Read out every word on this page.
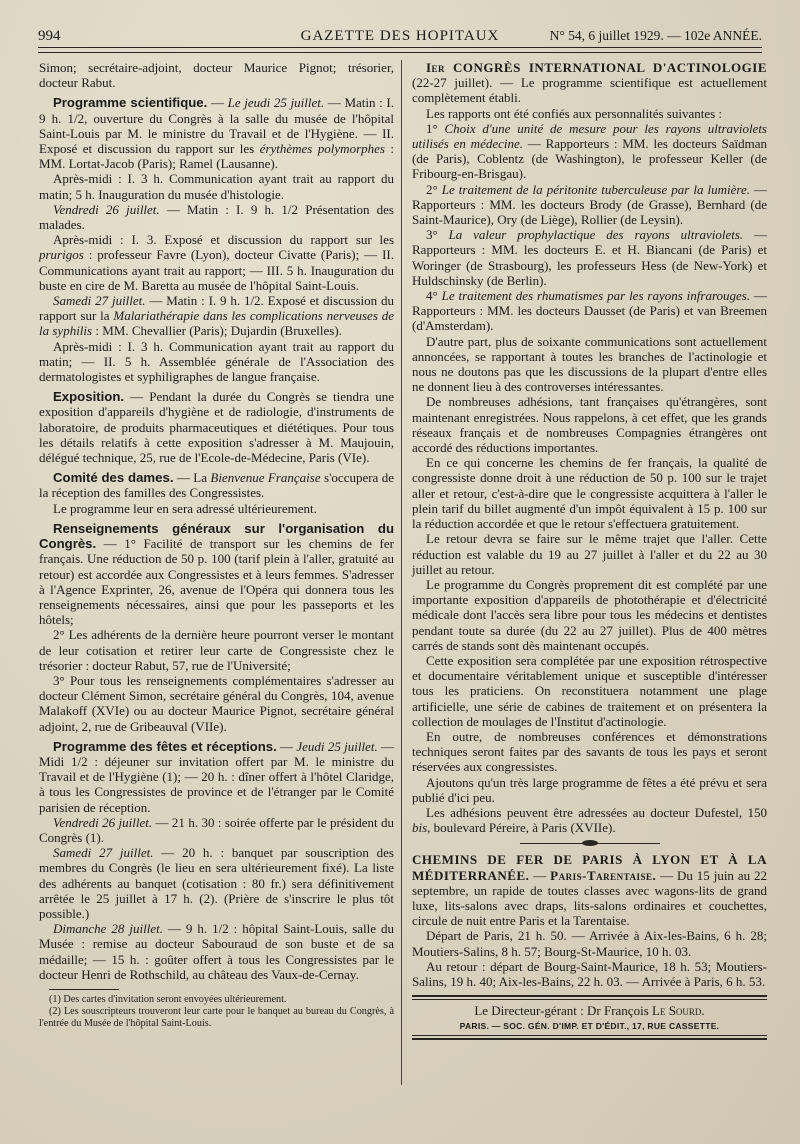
994	GAZETTE DES HOPITAUX	N° 54, 6 juillet 1929. — 102e ANNÉE.

Simon; secrétaire-adjoint, docteur Maurice Pignot; trésorier, docteur Rabut.

Programme scientifique. — Le jeudi 25 juillet. — Matin : I. 9 h. 1/2, ouverture du Congrès à la salle du musée de l'hôpital Saint-Louis par M. le ministre du Travail et de l'Hygiène. — II. Exposé et discussion du rapport sur les érythèmes polymorphes : MM. Lortat-Jacob (Paris); Ramel (Lausanne).

Après-midi : I. 3 h. Communication ayant trait au rapport du matin; 5 h. Inauguration du musée d'histologie.

Vendredi 26 juillet. — Matin : I. 9 h. 1/2 Présentation des malades.

Après-midi : I. 3. Exposé et discussion du rapport sur les prurigos : professeur Favre (Lyon), docteur Civatte (Paris); — II. Communications ayant trait au rapport; — III. 5 h. Inauguration du buste en cire de M. Baretta au musée de l'hôpital Saint-Louis.

Samedi 27 juillet. — Matin : I. 9 h. 1/2. Exposé et discussion du rapport sur la Malariathérapie dans les complications nerveuses de la syphilis : MM. Chevallier (Paris); Dujardin (Bruxelles).

Après-midi : I. 3 h. Communication ayant trait au rapport du matin; — II. 5 h. Assemblée générale de l'Association des dermatologistes et syphiligraphes de langue française.

Exposition. — Pendant la durée du Congrès se tiendra une exposition d'appareils d'hygiène et de radiologie, d'instruments de laboratoire, de produits pharmaceutiques et diététiques. Pour tous les détails relatifs à cette exposition s'adresser à M. Maujouin, délégué technique, 25, rue de l'Ecole-de-Médecine, Paris (VIe).

Comité des dames. — La Bienvenue Française s'occupera de la réception des familles des Congressistes.

Le programme leur en sera adressé ultérieurement.

Renseignements généraux sur l'organisation du Congrès. — 1° Facilité de transport sur les chemins de fer français. Une réduction de 50 p. 100 (tarif plein à l'aller, gratuité au retour) est accordée aux Congressistes et à leurs femmes. S'adresser à l'Agence Exprinter, 26, avenue de l'Opéra qui donnera tous les renseignements nécessaires, ainsi que pour les passeports et les hôtels;

2° Les adhérents de la dernière heure pourront verser le montant de leur cotisation et retirer leur carte de Congressiste chez le trésorier : docteur Rabut, 57, rue de l'Université;

3° Pour tous les renseignements complémentaires s'adresser au docteur Clément Simon, secrétaire général du Congrès, 104, avenue Malakoff (XVIe) ou au docteur Maurice Pignot, secrétaire général adjoint, 2, rue de Gribeauval (VIIe).

Programme des fêtes et réceptions. — Jeudi 25 juillet. — Midi 1/2 : déjeuner sur invitation offert par M. le ministre du Travail et de l'Hygiène (1); — 20 h. : dîner offert à l'hôtel Claridge, à tous les Congressistes de province et de l'étranger par le Comité parisien de réception.

Vendredi 26 juillet. — 21 h. 30 : soirée offerte par le président du Congrès (1).

Samedi 27 juillet. — 20 h. : banquet par souscription des membres du Congrès (le lieu en sera ultérieurement fixé). La liste des adhérents au banquet (cotisation : 80 fr.) sera définitivement arrêtée le 25 juillet à 17 h. (2). (Prière de s'inscrire le plus tôt possible.)

Dimanche 28 juillet. — 9 h. 1/2 : hôpital Saint-Louis, salle du Musée : remise au docteur Sabouraud de son buste et de sa médaille; — 15 h. : goûter offert à tous les Congressistes par le docteur Henri de Rothschild, au château des Vaux-de-Cernay.

(1) Des cartes d'invitation seront envoyées ultérieurement.

(2) Les souscripteurs trouveront leur carte pour le banquet au bureau du Congrès, à l'entrée du Musée de l'hôpital Saint-Louis.

Ier CONGRÈS INTERNATIONAL D'ACTINOLOGIE (22-27 juillet). — Le programme scientifique est actuellement complètement établi.

Les rapports ont été confiés aux personnalités suivantes :

1° Choix d'une unité de mesure pour les rayons ultraviolets utilisés en médecine. — Rapporteurs : MM. les docteurs Saïdman (de Paris), Coblentz (de Washington), le professeur Keller (de Fribourg-en-Brisgau).

2° Le traitement de la péritonite tuberculeuse par la lumière. — Rapporteurs : MM. les docteurs Brody (de Grasse), Bernhard (de Saint-Maurice), Ory (de Liège), Rollier (de Leysin).

3° La valeur prophylactique des rayons ultraviolets. — Rapporteurs : MM. les docteurs E. et H. Biancani (de Paris) et Woringer (de Strasbourg), les professeurs Hess (de New-York) et Huldschinsky (de Berlin).

4° Le traitement des rhumatismes par les rayons infrarouges. — Rapporteurs : MM. les docteurs Dausset (de Paris) et van Breemen (d'Amsterdam).

D'autre part, plus de soixante communications sont actuellement annoncées, se rapportant à toutes les branches de l'actinologie et nous ne doutons pas que les discussions de la plupart d'entre elles ne donnent lieu à des controverses intéressantes.

De nombreuses adhésions, tant françaises qu'étrangères, sont maintenant enregistrées. Nous rappelons, à cet effet, que les grands réseaux français et de nombreuses Compagnies étrangères ont accordé des réductions importantes.

En ce qui concerne les chemins de fer français, la qualité de congressiste donne droit à une réduction de 50 p. 100 sur le trajet aller et retour, c'est-à-dire que le congressiste acquittera à l'aller le plein tarif du billet augmenté d'un impôt équivalent à 15 p. 100 sur la réduction accordée et que le retour s'effectuera gratuitement.

Le retour devra se faire sur le même trajet que l'aller. Cette réduction est valable du 19 au 27 juillet à l'aller et du 22 au 30 juillet au retour.

Le programme du Congrès proprement dit est complété par une importante exposition d'appareils de photothérapie et d'électricité médicale dont l'accès sera libre pour tous les médecins et dentistes pendant toute sa durée (du 22 au 27 juillet). Plus de 400 mètres carrés de stands sont dès maintenant occupés.

Cette exposition sera complétée par une exposition rétrospective et documentaire véritablement unique et susceptible d'intéresser tous les praticiens. On reconstituera notamment une plage artificielle, une série de cabines de traitement et on présentera la collection de moulages de l'Institut d'actinologie.

En outre, de nombreuses conférences et démonstrations techniques seront faites par des savants de tous les pays et seront réservées aux congressistes.

Ajoutons qu'un très large programme de fêtes a été prévu et sera publié d'ici peu.

Les adhésions peuvent être adressées au docteur Dufestel, 150 bis, boulevard Péreire, à Paris (XVIIe).

CHEMINS DE FER DE PARIS À LYON ET À LA MÉDITERRANÉE. — Paris-Tarentaise. — Du 15 juin au 22 septembre, un rapide de toutes classes avec wagons-lits de grand luxe, lits-salons avec draps, lits-salons ordinaires et couchettes, circule de nuit entre Paris et la Tarentaise.

Départ de Paris, 21 h. 50. — Arrivée à Aix-les-Bains, 6 h. 28; Moutiers-Salins, 8 h. 57; Bourg-St-Maurice, 10 h. 03.

Au retour : départ de Bourg-Saint-Maurice, 18 h. 53; Moutiers-Salins, 19 h. 40; Aix-les-Bains, 22 h. 03. — Arrivée à Paris, 6 h. 53.

Le Directeur-gérant : Dr François Le Sourd.
PARIS. — SOC. GÉN. D'IMP. ET D'ÉDIT., 17, RUE CASSETTE.
